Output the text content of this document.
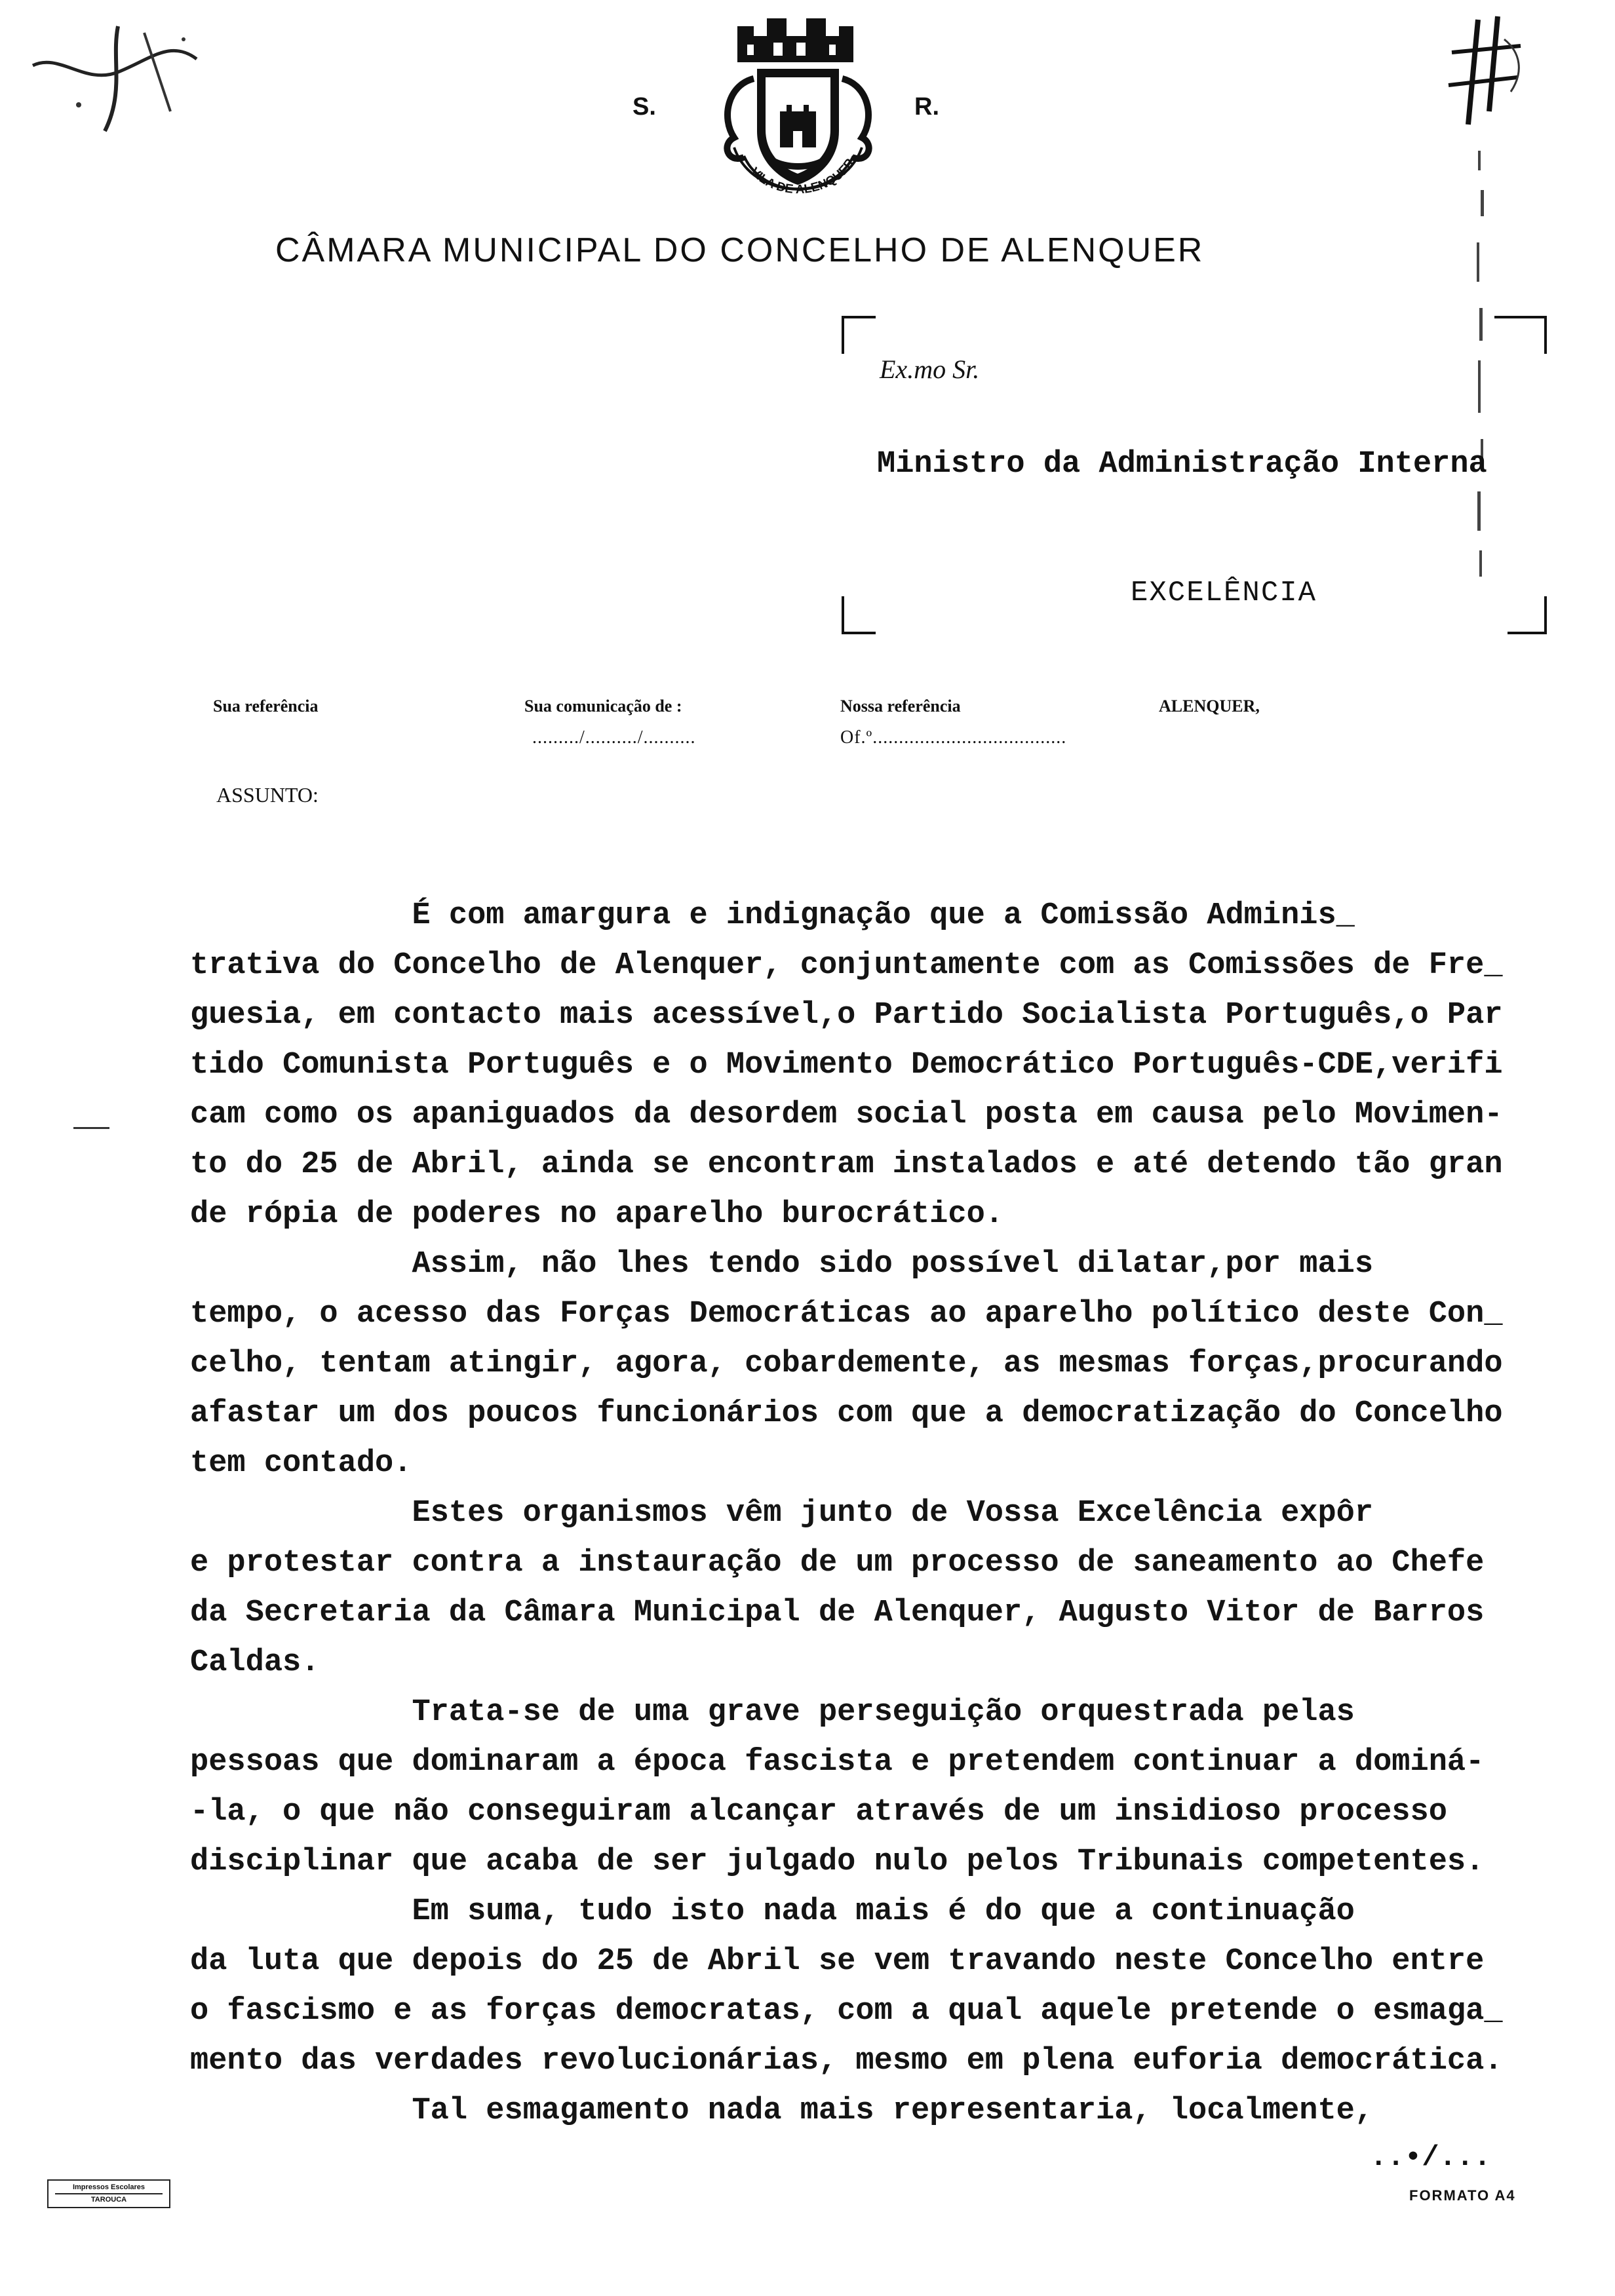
S.	R.
VILA DE ALENQUER
CÂMARA MUNICIPAL DO CONCELHO DE ALENQUER
Ex.mo Sr.
Ministro da Administração Interna
EXCELÊNCIA
Sua referência	Sua comunicação de :
........./........../..........
Nossa referência
Of.º.....................................
ALENQUER,
ASSUNTO:

É com amargura e indignação que a Comissão Adminis_

trativa do Concelho de Alenquer, conjuntamente com as Comissões de Fre_

guesia, em contacto mais acessível,o Partido Socialista Português,o Par

tido Comunista Português e o Movimento Democrático Português-CDE,verifi

cam como os apaniguados da desordem social posta em causa pelo Movimen-

to do 25 de Abril, ainda se encontram instalados e até detendo tão gran

de rópia de poderes no aparelho burocrático.

Assim, não lhes tendo sido possível dilatar,por mais

tempo, o acesso das Forças Democráticas ao aparelho político deste Con_

celho, tentam atingir, agora, cobardemente, as mesmas forças,procurando

afastar um dos poucos funcionários com que a democratização do Concelho

tem contado.

Estes organismos vêm junto de Vossa Excelência expôr

e protestar contra a instauração de um processo de saneamento ao Chefe

da Secretaria da Câmara Municipal de Alenquer, Augusto Vitor de Barros

Caldas.

Trata-se de uma grave perseguição orquestrada pelas

pessoas que dominaram a época fascista e pretendem continuar a dominá-

-la, o que não conseguiram alcançar através de um insidioso processo

disciplinar que acaba de ser julgado nulo pelos Tribunais competentes.

Em suma, tudo isto nada mais é do que a continuação

da luta que depois do 25 de Abril se vem travando neste Concelho entre

o fascismo e as forças democratas, com a qual aquele pretende o esmaga_

mento das verdades revolucionárias, mesmo em plena euforia democrática.

Tal esmagamento nada mais representaria, localmente,

..•/...
FORMATO A4
Impressos Escolares
TAROUCA
